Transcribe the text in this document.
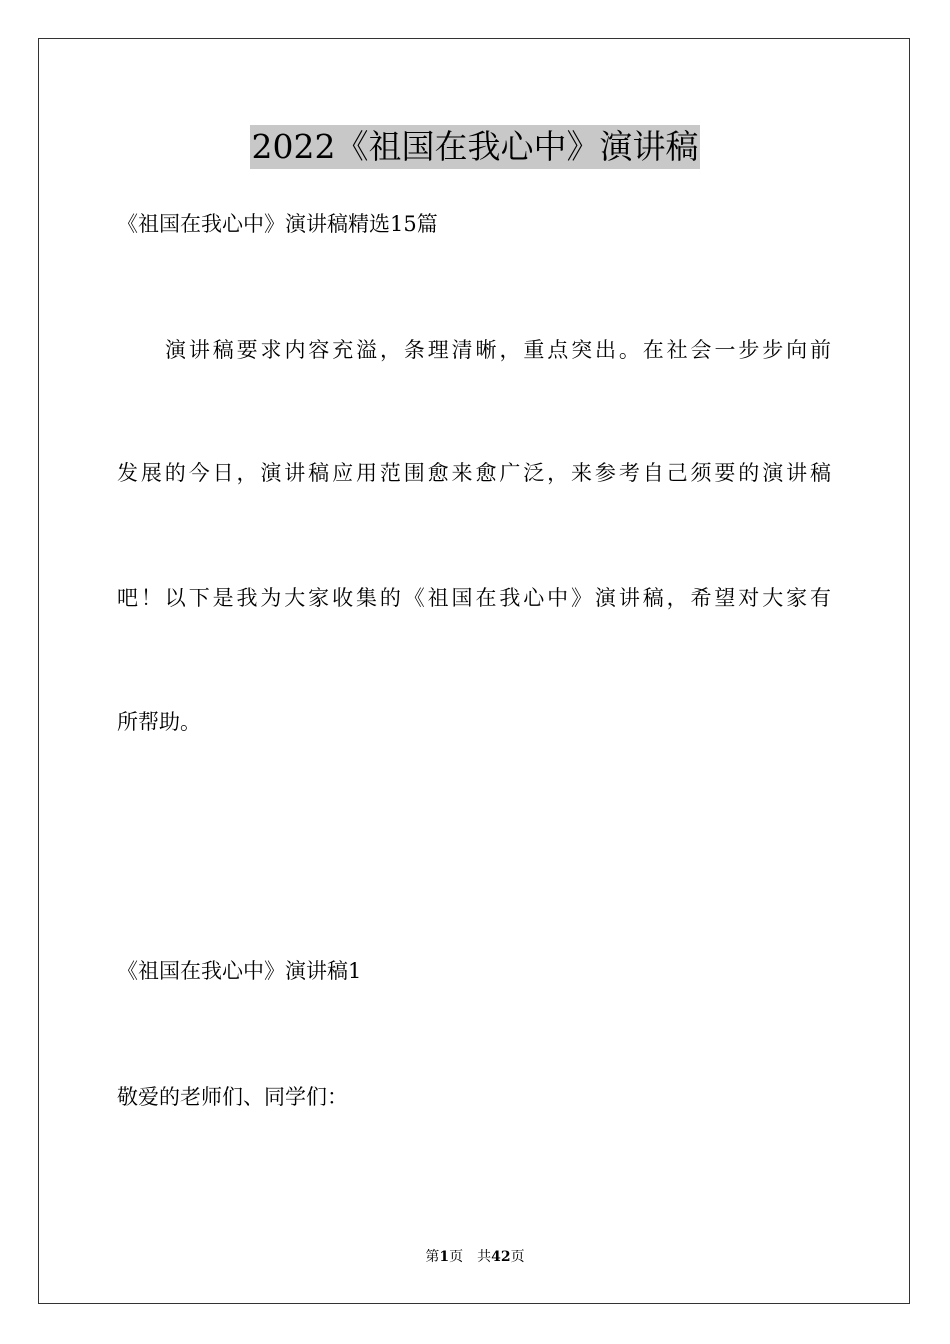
2022《祖国在我心中》演讲稿
《祖国在我心中》演讲稿精选15篇
演讲稿要求内容充溢，条理清晰，重点突出。在社会一步步向前
发展的今日，演讲稿应用范围愈来愈广泛，来参考自己须要的演讲稿
吧！以下是我为大家收集的《祖国在我心中》演讲稿，希望对大家有
所帮助。
《祖国在我心中》演讲稿1
敬爱的老师们、同学们：
第1页　共42页
